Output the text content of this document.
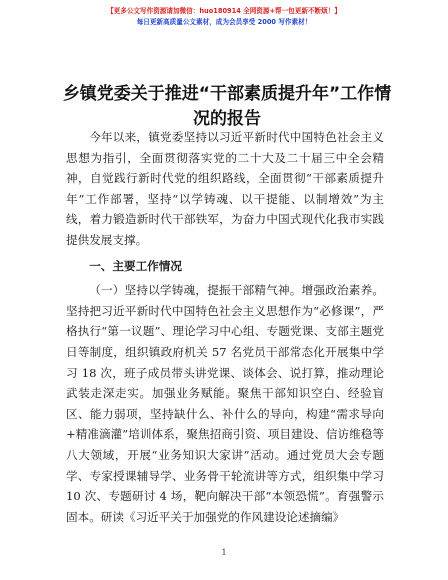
【更多公文写作资源请加微信：huo180914 全网资源+帮一包更新不断烦！】
每日更新高质量公文素材，成为会员享受 2000 写作素材！
乡镇党委关于推进“干部素质提升年”工作情况的报告

今年以来，镇党委坚持以习近平新时代中国特色社会主义思想为指引，全面贯彻落实党的二十大及二十届三中全会精神，自觉践行新时代党的组织路线，全面贯彻“干部素质提升年”工作部署，坚持“以学铸魂、以干提能、以制增效”为主线，着力锻造新时代干部铁军，为奋力中国式现代化我市实践提供发展支撑。

一、主要工作情况

（一）坚持以学铸魂，提振干部精气神。增强政治素养。坚持把习近平新时代中国特色社会主义思想作为“必修课”，严格执行“第一议题”、理论学习中心组、专题党课、支部主题党日等制度，组织镇政府机关 57 名党员干部常态化开展集中学习 18 次，班子成员带头讲党课、谈体会、说打算，推动理论武装走深走实。加强业务赋能。聚焦干部知识空白、经验盲区、能力弱项，坚持缺什么、补什么的导向，构建“需求导向+精准滴灌”培训体系，聚焦招商引资、项目建设、信访维稳等八大领域，开展“业务知识大家讲”活动。通过党员大会专题学、专家授课辅导学、业务骨干轮流讲等方式，组织集中学习 10 次、专题研讨 4 场，靶向解决干部“本领恐慌”。育强警示固本。研读《习近平关于加强党的作风建设论述摘编》

1
